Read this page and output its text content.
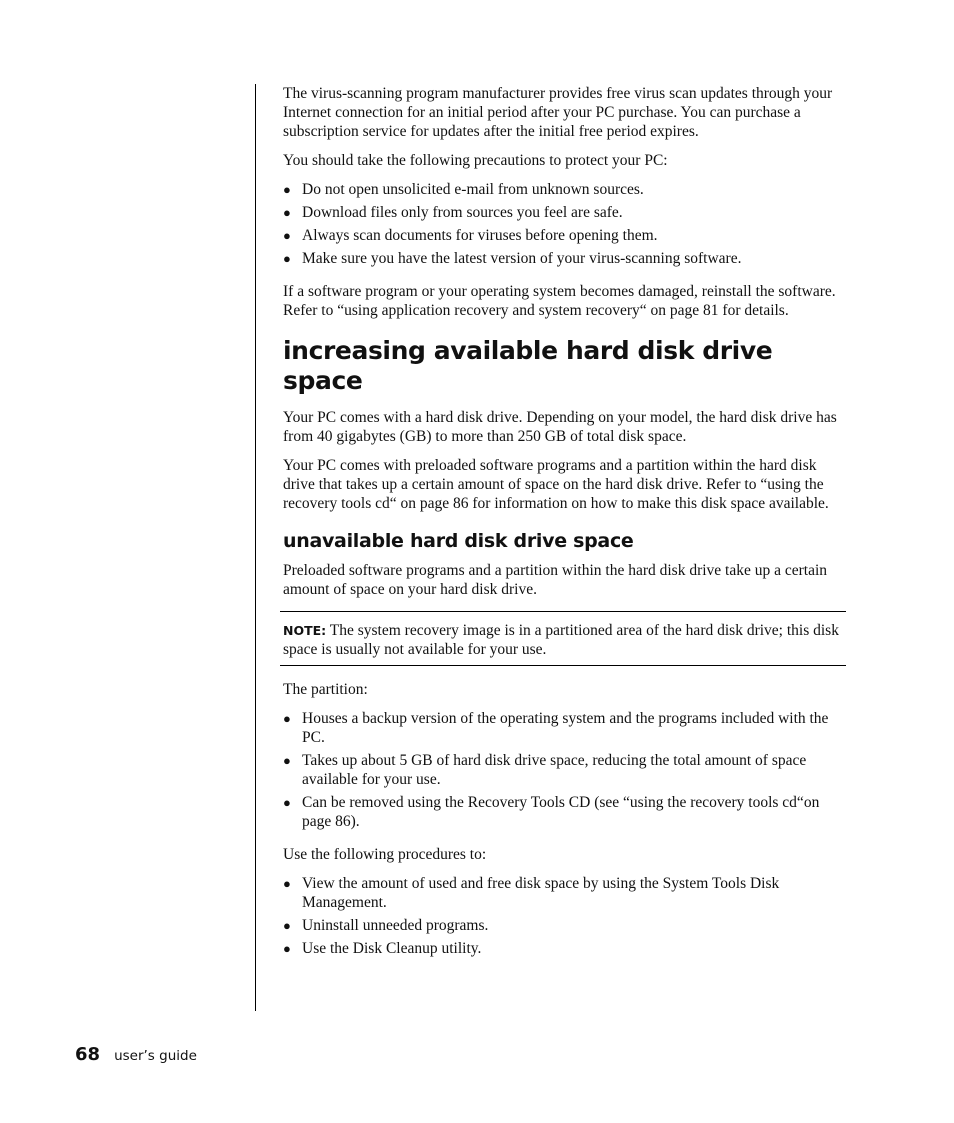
The virus-scanning program manufacturer provides free virus scan updates through your Internet connection for an initial period after your PC purchase. You can purchase a subscription service for updates after the initial free period expires.

You should take the following precautions to protect your PC:

● Do not open unsolicited e-mail from unknown sources.
● Download files only from sources you feel are safe.
● Always scan documents for viruses before opening them.
● Make sure you have the latest version of your virus-scanning software.

If a software program or your operating system becomes damaged, reinstall the software. Refer to “using application recovery and system recovery“ on page 81 for details.

increasing available hard disk drive space

Your PC comes with a hard disk drive. Depending on your model, the hard disk drive has from 40 gigabytes (GB) to more than 250 GB of total disk space.

Your PC comes with preloaded software programs and a partition within the hard disk drive that takes up a certain amount of space on the hard disk drive. Refer to “using the recovery tools cd“ on page 86 for information on how to make this disk space available.

unavailable hard disk drive space

Preloaded software programs and a partition within the hard disk drive take up a certain amount of space on your hard disk drive.

NOTE: The system recovery image is in a partitioned area of the hard disk drive; this disk space is usually not available for your use.

The partition:

● Houses a backup version of the operating system and the programs included with the PC.
● Takes up about 5 GB of hard disk drive space, reducing the total amount of space available for your use.
● Can be removed using the Recovery Tools CD (see “using the recovery tools cd“on page 86).

Use the following procedures to:

● View the amount of used and free disk space by using the System Tools Disk Management.
● Uninstall unneeded programs.
● Use the Disk Cleanup utility.
68 user’s guide
